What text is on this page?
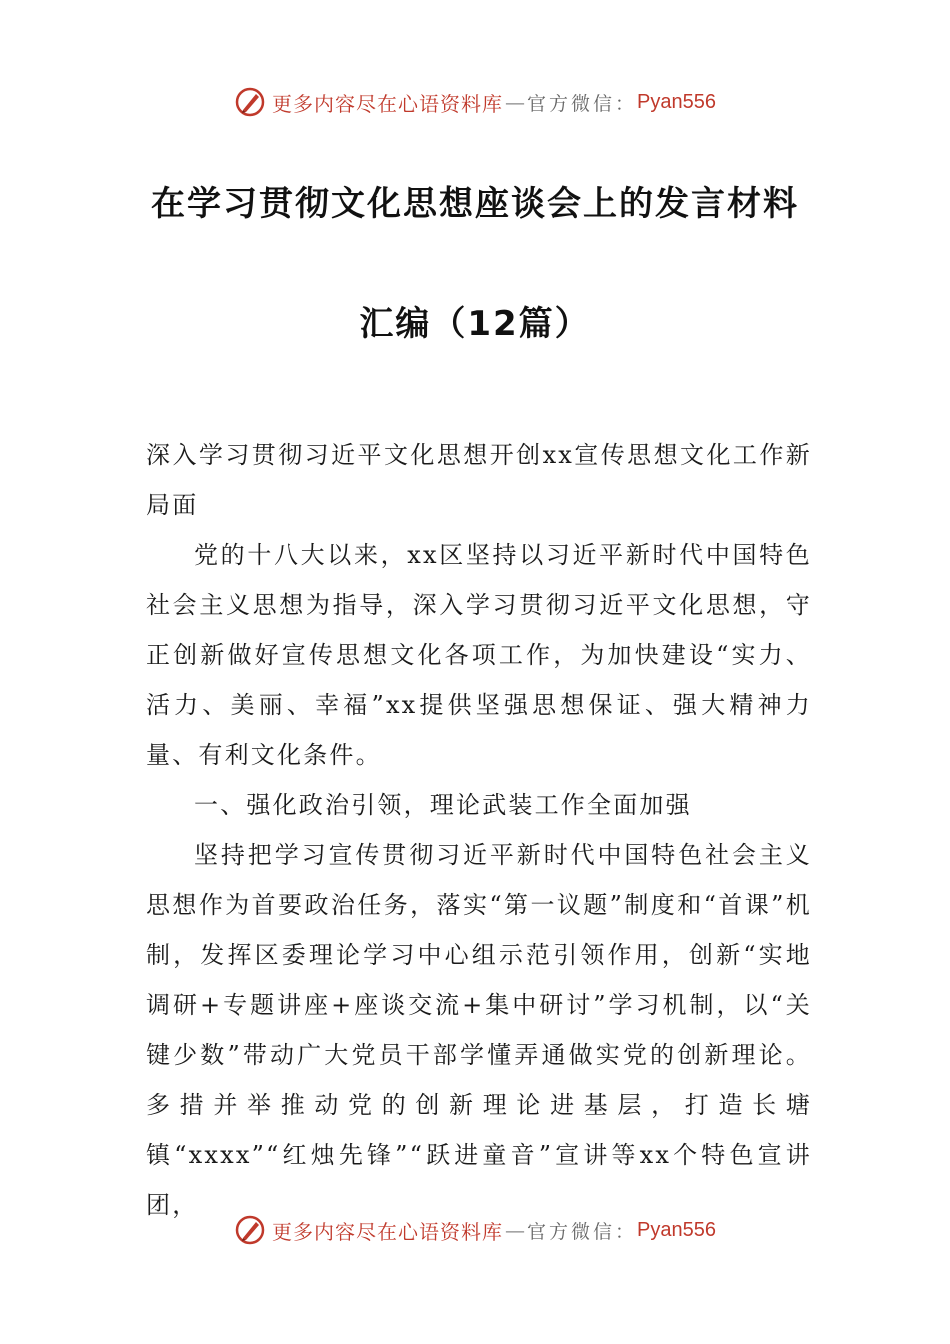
更多内容尽在心语资料库 — 官方微信： Pyan556
在学习贯彻文化思想座谈会上的发言材料
汇编（12篇）

深入学习贯彻习近平文化思想开创xx宣传思想文化工作新局面

党的十八大以来，xx区坚持以习近平新时代中国特色社会主义思想为指导，深入学习贯彻习近平文化思想，守正创新做好宣传思想文化各项工作，为加快建设“实力、活力、美丽、幸福”xx提供坚强思想保证、强大精神力量、有利文化条件。

一、强化政治引领，理论武装工作全面加强

坚持把学习宣传贯彻习近平新时代中国特色社会主义思想作为首要政治任务，落实“第一议题”制度和“首课”机制，发挥区委理论学习中心组示范引领作用，创新“实地调研+专题讲座+座谈交流+集中研讨”学习机制，以“关键少数”带动广大党员干部学懂弄通做实党的创新理论。多措并举推动党的创新理论进基层，打造长塘镇“xxxx”“红烛先锋”“跃进童音”宣讲等xx个特色宣讲团，

更多内容尽在心语资料库 — 官方微信： Pyan556
